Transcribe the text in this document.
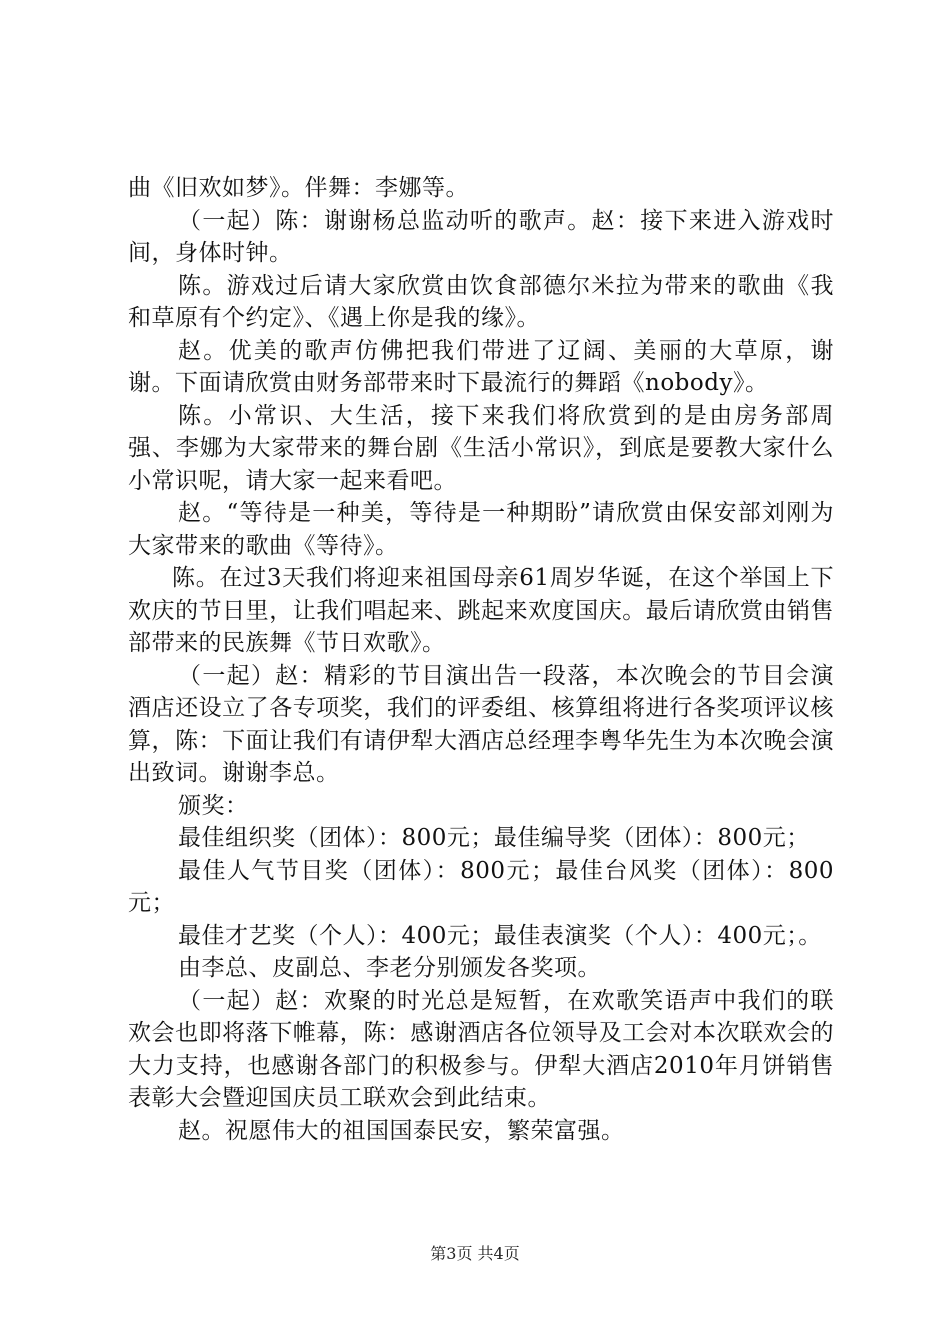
曲《旧欢如梦》。伴舞：李娜等。

（一起）陈：谢谢杨总监动听的歌声。赵：接下来进入游戏时间，身体时钟。

陈。游戏过后请大家欣赏由饮食部德尔米拉为带来的歌曲《我和草原有个约定》、《遇上你是我的缘》。

赵。优美的歌声仿佛把我们带进了辽阔、美丽的大草原，谢谢。下面请欣赏由财务部带来时下最流行的舞蹈《nobody》。

陈。小常识、大生活，接下来我们将欣赏到的是由房务部周强、李娜为大家带来的舞台剧《生活小常识》，到底是要教大家什么小常识呢，请大家一起来看吧。

赵。“等待是一种美，等待是一种期盼”请欣赏由保安部刘刚为大家带来的歌曲《等待》。

陈。在过3天我们将迎来祖国母亲61周岁华诞，在这个举国上下欢庆的节日里，让我们唱起来、跳起来欢度国庆。最后请欣赏由销售部带来的民族舞《节日欢歌》。

（一起）赵：精彩的节目演出告一段落，本次晚会的节目会演酒店还设立了各专项奖，我们的评委组、核算组将进行各奖项评议核算，陈：下面让我们有请伊犁大酒店总经理李粤华先生为本次晚会演出致词。谢谢李总。

颁奖：

最佳组织奖（团体）：800元；最佳编导奖（团体）：800元；

最佳人气节目奖（团体）：800元；最佳台风奖（团体）：800元；

最佳才艺奖（个人）：400元；最佳表演奖（个人）：400元；。

由李总、皮副总、李老分别颁发各奖项。

（一起）赵：欢聚的时光总是短暂，在欢歌笑语声中我们的联欢会也即将落下帷幕，陈：感谢酒店各位领导及工会对本次联欢会的大力支持，也感谢各部门的积极参与。伊犁大酒店2010年月饼销售表彰大会暨迎国庆员工联欢会到此结束。

赵。祝愿伟大的祖国国泰民安，繁荣富强。

第3页 共4页
